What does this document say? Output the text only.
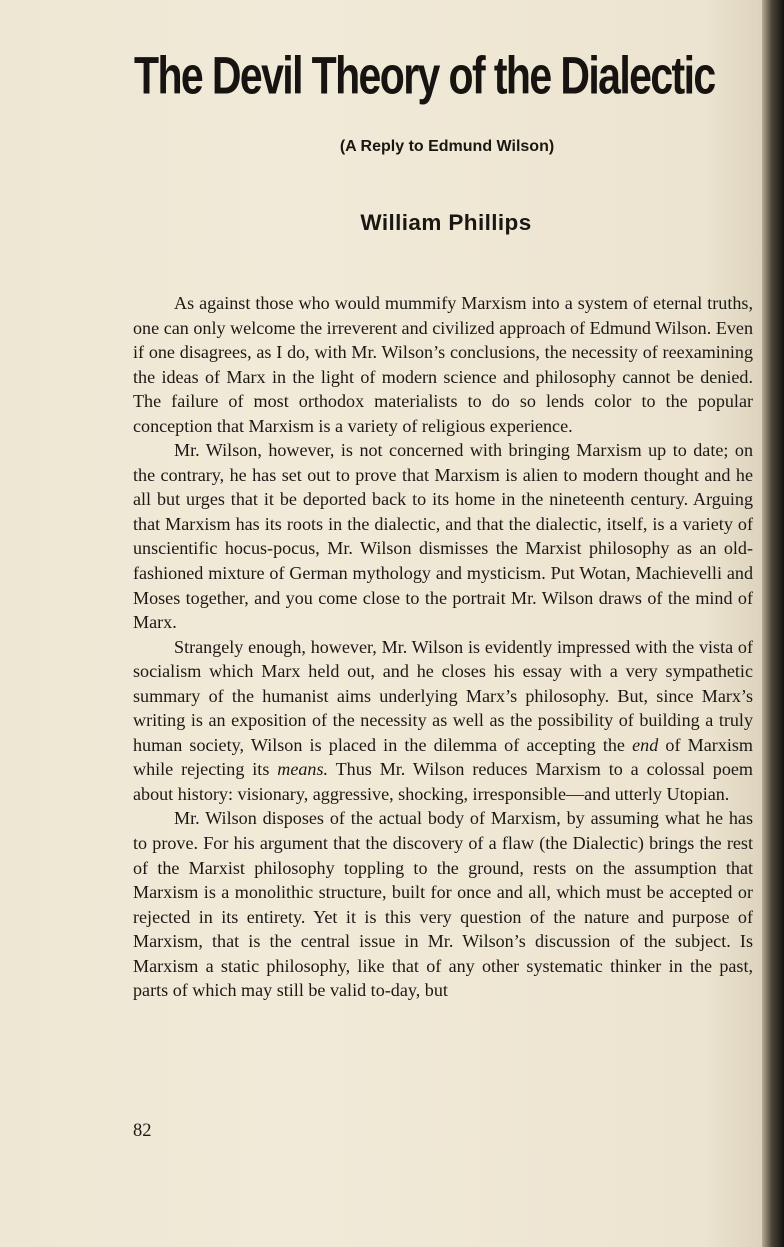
The Devil Theory of the Dialectic
(A Reply to Edmund Wilson)
William Phillips

As against those who would mummify Marxism into a system of eternal truths, one can only welcome the irreverent and civilized approach of Edmund Wilson. Even if one disagrees, as I do, with Mr. Wilson’s conclusions, the necessity of reexamining the ideas of Marx in the light of modern science and philosophy cannot be denied. The failure of most orthodox materialists to do so lends color to the popular conception that Marxism is a variety of religious experience.

Mr. Wilson, however, is not concerned with bringing Marxism up to date; on the contrary, he has set out to prove that Marxism is alien to modern thought and he all but urges that it be deported back to its home in the nineteenth century. Arguing that Marxism has its roots in the dialectic, and that the dialectic, itself, is a variety of unscientific hocus-pocus, Mr. Wilson dismisses the Marxist philosophy as an old-fashioned mixture of German mythology and mysticism. Put Wotan, Machievelli and Moses together, and you come close to the portrait Mr. Wilson draws of the mind of Marx.

Strangely enough, however, Mr. Wilson is evidently impressed with the vista of socialism which Marx held out, and he closes his essay with a very sympathetic summary of the humanist aims underlying Marx’s philosophy. But, since Marx’s writing is an exposition of the necessity as well as the possibility of building a truly human society, Wilson is placed in the dilemma of accepting the end of Marxism while rejecting its means. Thus Mr. Wilson reduces Marxism to a colossal poem about history: visionary, aggressive, shocking, irresponsible—and utterly Utopian.

Mr. Wilson disposes of the actual body of Marxism, by assuming what he has to prove. For his argument that the discovery of a flaw (the Dialectic) brings the rest of the Marxist philosophy toppling to the ground, rests on the assumption that Marxism is a monolithic structure, built for once and all, which must be accepted or rejected in its entirety. Yet it is this very question of the nature and purpose of Marxism, that is the central issue in Mr. Wilson’s discussion of the subject. Is Marxism a static philosophy, like that of any other systematic thinker in the past, parts of which may still be valid to-day, but

82
